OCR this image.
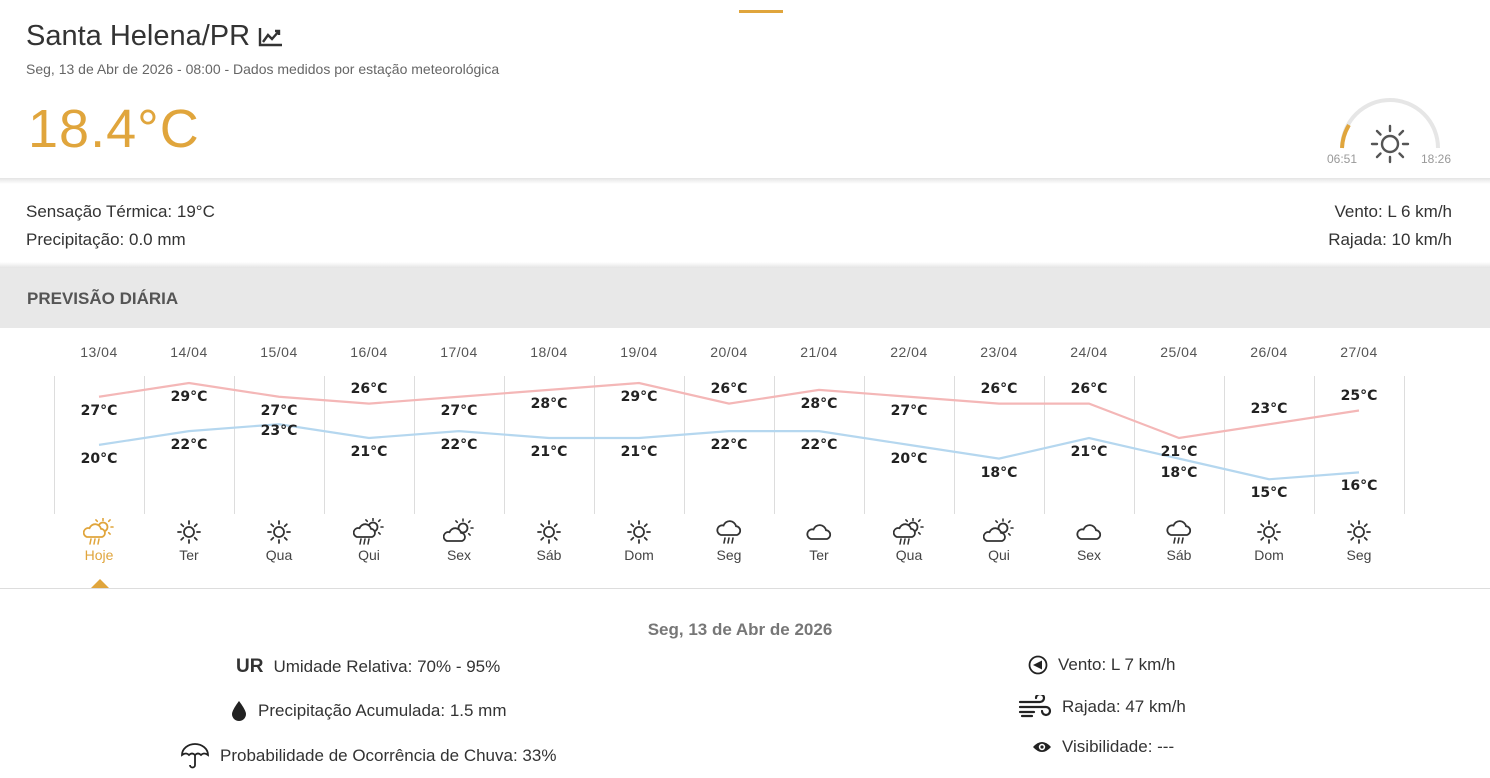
Santa Helena/PR
Seg, 13 de Abr de 2026 - 08:00 - Dados medidos por estação meteorológica
18.4°C	06:51	18:26
Sensação Térmica: 19°C
Precipitação: 0.0 mm
Vento: L 6 km/h
Rajada: 10 km/h
PREVISÃO DIÁRIA
13/04
27°C
20°C
Hoje
14/04
29°C
22°C
Ter
15/04
27°C
23°C
Qua
16/04
26°C
21°C
Qui
17/04
27°C
22°C
Sex
18/04
28°C
21°C
Sáb
19/04
29°C
21°C
Dom
20/04
26°C
22°C
Seg
21/04
28°C
22°C
Ter
22/04
27°C
20°C
Qua
23/04
26°C
18°C
Qui
24/04
26°C
21°C
Sex
25/04
21°C
18°C
Sáb
26/04
23°C
15°C
Dom
27/04
25°C
16°C
Seg
Seg, 13 de Abr de 2026
UR Umidade Relativa: 70% - 95%
Precipitação Acumulada: 1.5 mm
Probabilidade de Ocorrência de Chuva: 33%
Vento: L 7 km/h
Rajada: 47 km/h
Visibilidade: ---
